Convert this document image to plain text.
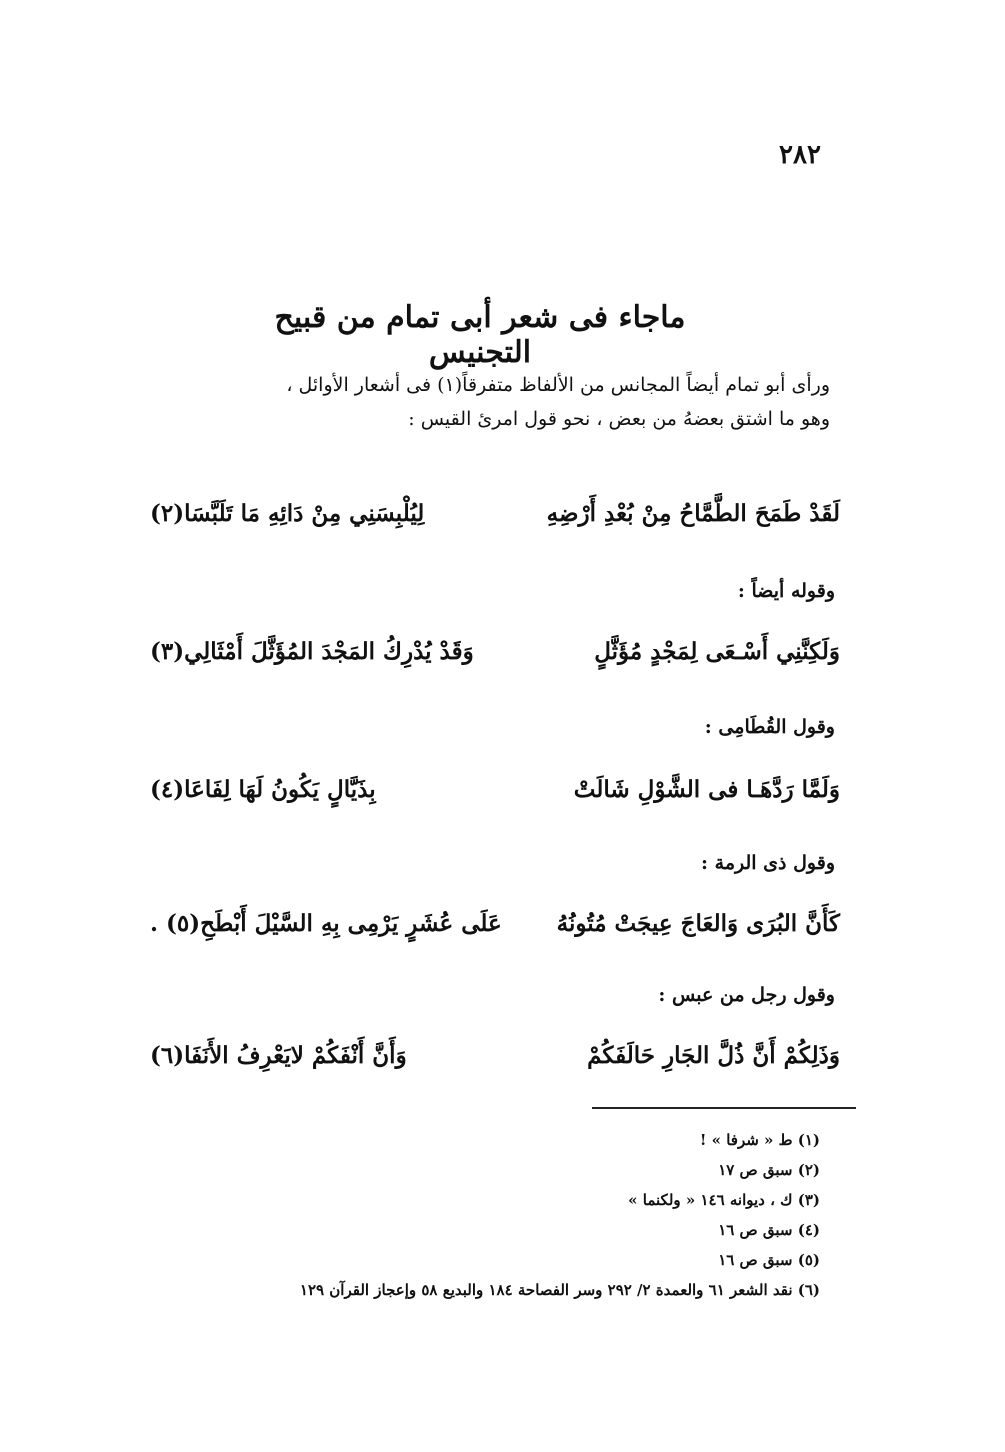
٢٨٢
ماجاء فى شعر أبى تمام من قبيح التجنيس
ورأى أبو تمام أيضاً المجانس من الألفاظ متفرقاً(١) فى أشعار الأوائل ،
وهو ما اشتق بعضهُ من بعض ، نحو قول امرئ القيس :
لَقَدْ طَمَحَ الطَّمَّاحُ مِنْ بُعْدِ أَرْضِهِ
لِيُلْبِسَنِي مِنْ دَائِهِ مَا تَلَبَّسَا(٢)
وقوله أيضاً :
وَلَكِنَّنِي أَسْـعَى لِمَجْدٍ مُؤَثَّلٍ
وَقَدْ يُدْرِكُ المَجْدَ المُؤَثَّلَ أَمْثَالِي(٣)
وقول القُطَامِى :
وَلَمَّا رَدَّهَـا فى الشَّوْلِ شَالَتْ
بِذَيَّالٍ يَكُونُ لَهَا لِفَاعَا(٤)
وقول ذى الرمة :
كَأَنَّ البُرَى وَالعَاجَ عِيجَتْ مُتُونُهُ
عَلَى عُشَرٍ يَرْمِى بِهِ السَّيْلَ أَبْطَحِ(٥) .
وقول رجل من عبس :
وَذَلِكُمْ أَنَّ ذُلَّ الجَارِ حَالَفَكُمْ
وَأَنَّ أَنْفَكُمْ لايَعْرِفُ الأَنَفَا(٦)
(١) ط « شرفا » !
(٢) سبق ص ١٧
(٣) ك ، ديوانه ١٤٦ « ولكنما »
(٤) سبق ص ١٦
(٥) سبق ص ١٦
(٦) نقد الشعر ٦١ والعمدة ٢/ ٢٩٢ وسر الفصاحة ١٨٤ والبديع ٥٨ وإعجاز القرآن ١٢٩
